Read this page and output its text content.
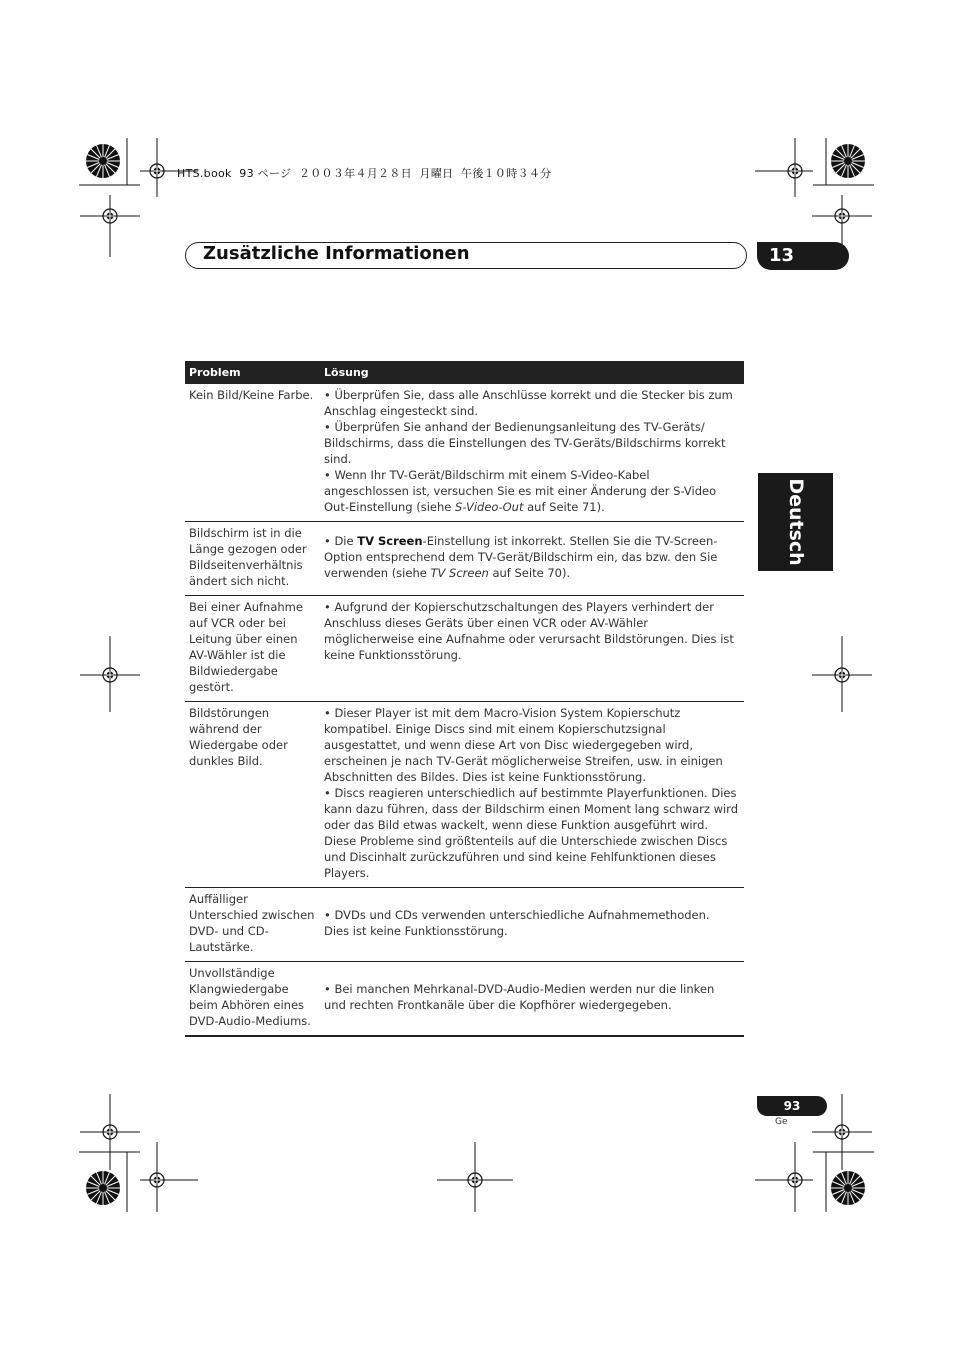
HTS.book  93 ページ  ２００３年４月２８日  月曜日  午後１０時３４分
Zusätzliche Informationen	13
Deutsch
Problem	Lösung
Kein Bild/Keine Farbe. • Überprüfen Sie, dass alle Anschlüsse korrekt und die Stecker bis zum Anschlag eingesteckt sind.
• Überprüfen Sie anhand der Bedienungsanleitung des TV-Geräts/ Bildschirms, dass die Einstellungen des TV-Geräts/Bildschirms korrekt sind.
• Wenn Ihr TV-Gerät/Bildschirm mit einem S-Video-Kabel angeschlossen ist, versuchen Sie es mit einer Änderung der S-Video Out-Einstellung (siehe S-Video-Out auf Seite 71).
Bildschirm ist in die Länge gezogen oder Bildseitenverhältnis ändert sich nicht.
• Die TV Screen-Einstellung ist inkorrekt. Stellen Sie die TV-Screen-Option entsprechend dem TV-Gerät/Bildschirm ein, das bzw. den Sie verwenden (siehe TV Screen auf Seite 70).
Bei einer Aufnahme auf VCR oder bei Leitung über einen AV-Wähler ist die Bildwiedergabe gestört.
• Aufgrund der Kopierschutzschaltungen des Players verhindert der Anschluss dieses Geräts über einen VCR oder AV-Wähler möglicherweise eine Aufnahme oder verursacht Bildstörungen. Dies ist keine Funktionsstörung.
Bildstörungen während der Wiedergabe oder dunkles Bild.
• Dieser Player ist mit dem Macro-Vision System Kopierschutz kompatibel. Einige Discs sind mit einem Kopierschutzsignal ausgestattet, und wenn diese Art von Disc wiedergegeben wird, erscheinen je nach TV-Gerät möglicherweise Streifen, usw. in einigen Abschnitten des Bildes. Dies ist keine Funktionsstörung.
• Discs reagieren unterschiedlich auf bestimmte Playerfunktionen. Dies kann dazu führen, dass der Bildschirm einen Moment lang schwarz wird oder das Bild etwas wackelt, wenn diese Funktion ausgeführt wird. Diese Probleme sind größtenteils auf die Unterschiede zwischen Discs und Discinhalt zurückzuführen und sind keine Fehlfunktionen dieses Players.
Auffälliger Unterschied zwischen DVD- und CD-Lautstärke.
• DVDs und CDs verwenden unterschiedliche Aufnahmemethoden. Dies ist keine Funktionsstörung.
Unvollständige Klangwiedergabe beim Abhören eines DVD-Audio-Mediums.
• Bei manchen Mehrkanal-DVD-Audio-Medien werden nur die linken und rechten Frontkanäle über die Kopfhörer wiedergegeben.
93
Ge
